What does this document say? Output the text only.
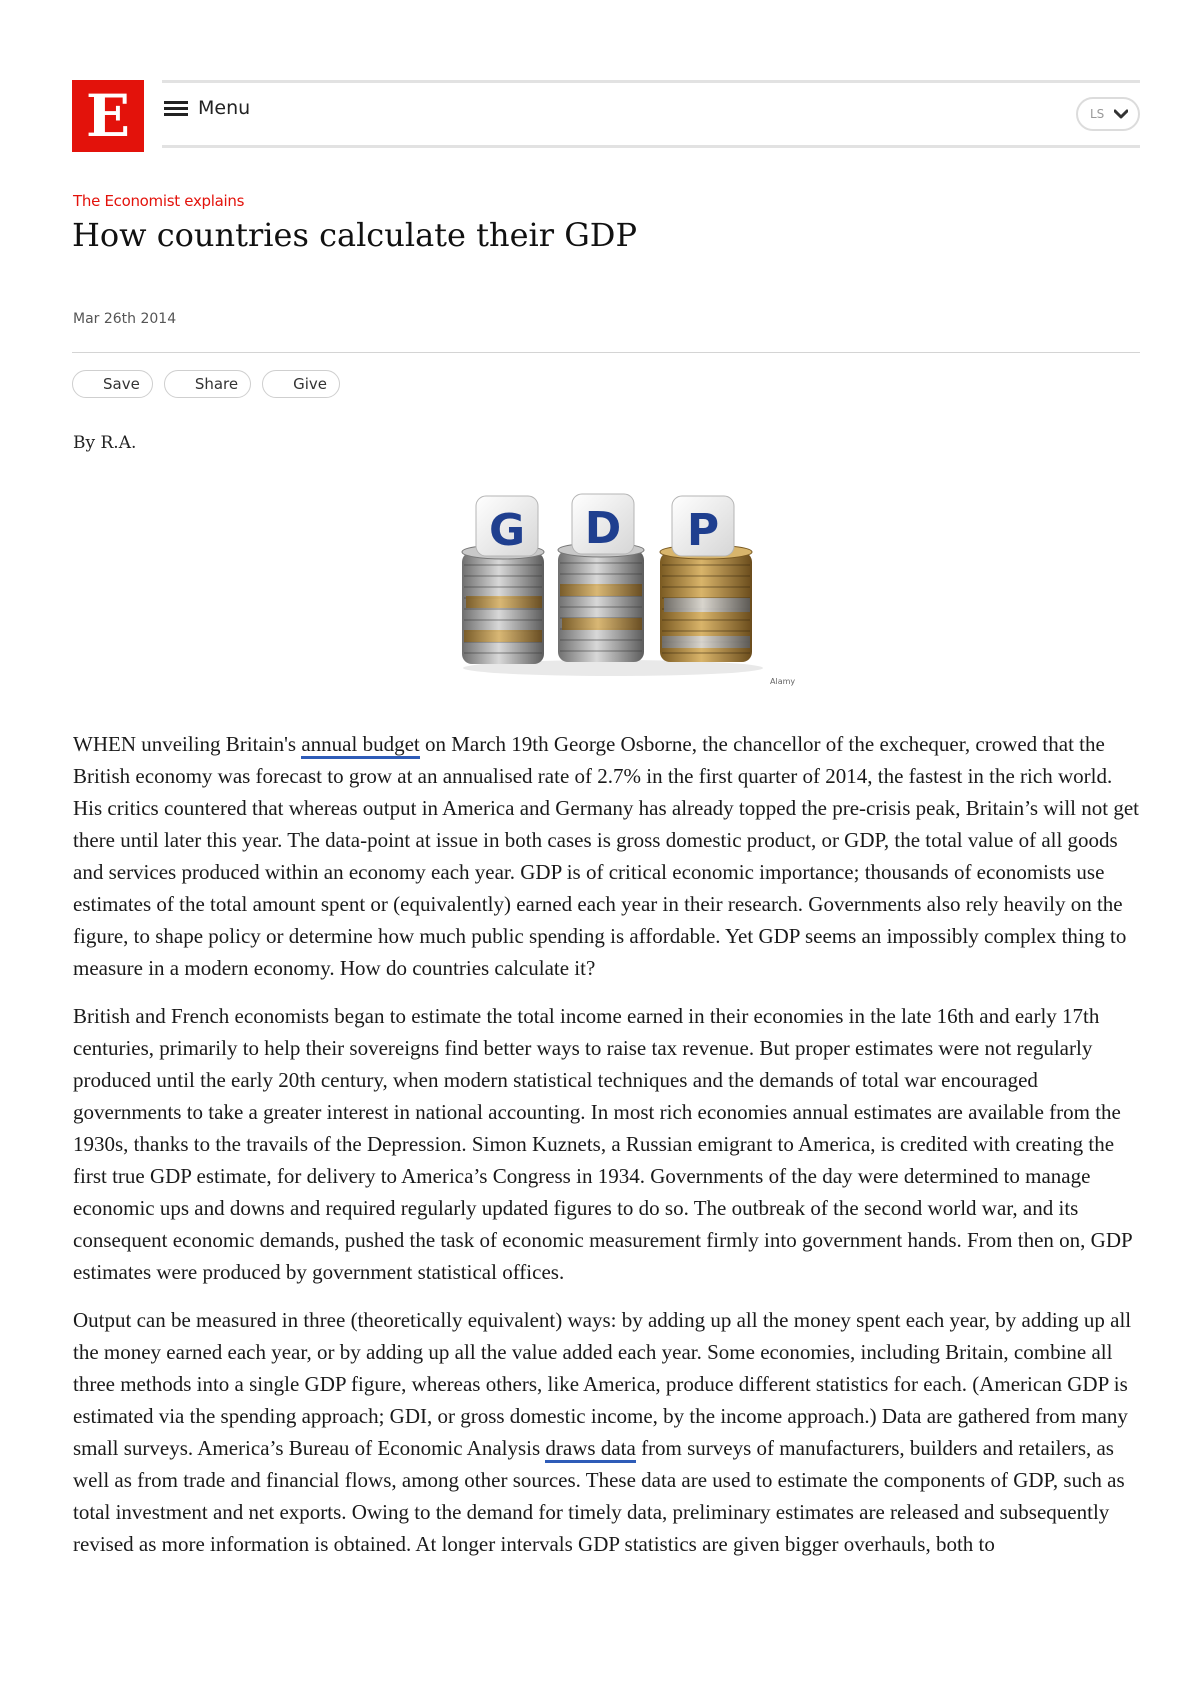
E	Menu	LS
The Economist explains
How countries calculate their GDP
Mar 26th 2014
Save	Share	Give
By R.A.
G D P
Alamy

WHEN unveiling Britain's annual budget on March 19th George Osborne, the chancellor of the exchequer, crowed that the British economy was forecast to grow at an annualised rate of 2.7% in the first quarter of 2014, the fastest in the rich world. His critics countered that whereas output in America and Germany has already topped the pre-crisis peak, Britain’s will not get there until later this year. The data-point at issue in both cases is gross domestic product, or GDP, the total value of all goods and services produced within an economy each year. GDP is of critical economic importance; thousands of economists use estimates of the total amount spent or (equivalently) earned each year in their research. Governments also rely heavily on the figure, to shape policy or determine how much public spending is affordable. Yet GDP seems an impossibly complex thing to measure in a modern economy. How do countries calculate it?

British and French economists began to estimate the total income earned in their economies in the late 16th and early 17th centuries, primarily to help their sovereigns find better ways to raise tax revenue. But proper estimates were not regularly produced until the early 20th century, when modern statistical techniques and the demands of total war encouraged governments to take a greater interest in national accounting. In most rich economies annual estimates are available from the 1930s, thanks to the travails of the Depression. Simon Kuznets, a Russian emigrant to America, is credited with creating the first true GDP estimate, for delivery to America’s Congress in 1934. Governments of the day were determined to manage economic ups and downs and required regularly updated figures to do so. The outbreak of the second world war, and its consequent economic demands, pushed the task of economic measurement firmly into government hands. From then on, GDP estimates were produced by government statistical offices.

Output can be measured in three (theoretically equivalent) ways: by adding up all the money spent each year, by adding up all the money earned each year, or by adding up all the value added each year. Some economies, including Britain, combine all three methods into a single GDP figure, whereas others, like America, produce different statistics for each. (American GDP is estimated via the spending approach; GDI, or gross domestic income, by the income approach.) Data are gathered from many small surveys. America’s Bureau of Economic Analysis draws data from surveys of manufacturers, builders and retailers, as well as from trade and financial flows, among other sources. These data are used to estimate the components of GDP, such as total investment and net exports. Owing to the demand for timely data, preliminary estimates are released and subsequently revised as more information is obtained. At longer intervals GDP statistics are given bigger overhauls, both to
